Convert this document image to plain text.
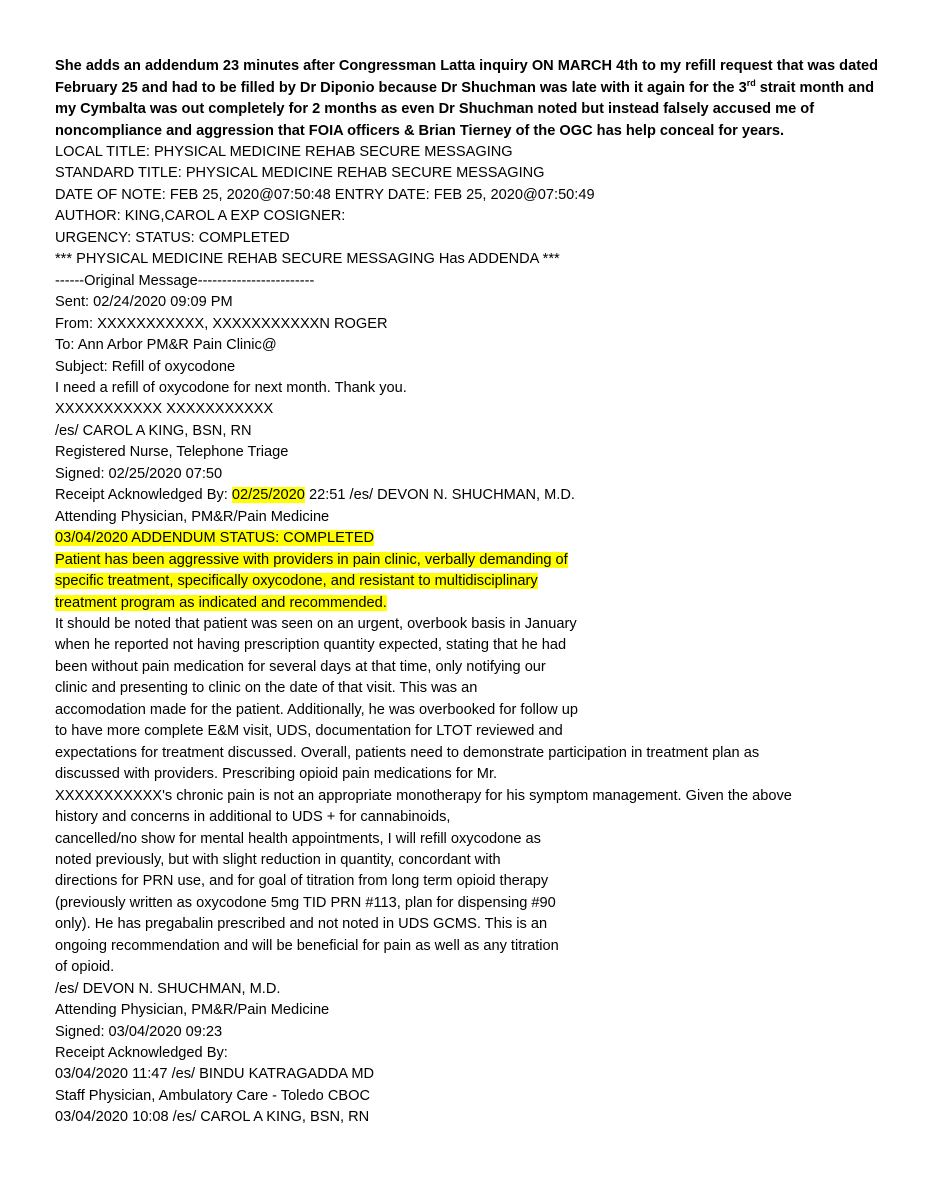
She adds an addendum 23 minutes after Congressman Latta inquiry ON MARCH 4th to my refill request that was dated February 25 and had to be filled by Dr Diponio because Dr Shuchman was late with it again for the 3rd strait month and my Cymbalta was out completely for 2 months as even Dr Shuchman noted but instead falsely accused me of noncompliance and aggression that FOIA officers & Brian Tierney of the OGC has help conceal for years.

LOCAL TITLE: PHYSICAL MEDICINE REHAB SECURE MESSAGING
STANDARD TITLE: PHYSICAL MEDICINE REHAB SECURE MESSAGING
DATE OF NOTE: FEB 25, 2020@07:50:48 ENTRY DATE: FEB 25, 2020@07:50:49
AUTHOR: KING,CAROL A EXP COSIGNER:
URGENCY: STATUS: COMPLETED
*** PHYSICAL MEDICINE REHAB SECURE MESSAGING Has ADDENDA ***
------Original Message------------------------
Sent: 02/24/2020 09:09 PM
From: XXXXXXXXXXX, XXXXXXXXXXXN ROGER
To: Ann Arbor PM&R Pain Clinic@
Subject: Refill of oxycodone
I need a refill of oxycodone for next month. Thank you.
XXXXXXXXXXX XXXXXXXXXXX
/es/ CAROL A KING, BSN, RN
Registered Nurse, Telephone Triage
Signed: 02/25/2020 07:50
Receipt Acknowledged By: 02/25/2020 22:51 /es/ DEVON N. SHUCHMAN, M.D.
Attending Physician, PM&R/Pain Medicine
03/04/2020 ADDENDUM STATUS: COMPLETED
Patient has been aggressive with providers in pain clinic, verbally demanding of
specific treatment, specifically oxycodone, and resistant to multidisciplinary
treatment program as indicated and recommended.
It should be noted that patient was seen on an urgent, overbook basis in January
when he reported not having prescription quantity expected, stating that he had
been without pain medication for several days at that time, only notifying our
clinic and presenting to clinic on the date of that visit. This was an
accomodation made for the patient. Additionally, he was overbooked for follow up
to have more complete E&M visit, UDS, documentation for LTOT reviewed and
expectations for treatment discussed. Overall, patients need to demonstrate participation in treatment plan as
discussed with providers. Prescribing opioid pain medications for Mr.
XXXXXXXXXXX's chronic pain is not an appropriate monotherapy for his symptom management. Given the above
history and concerns in additional to UDS + for cannabinoids,
cancelled/no show for mental health appointments, I will refill oxycodone as
noted previously, but with slight reduction in quantity, concordant with
directions for PRN use, and for goal of titration from long term opioid therapy
(previously written as oxycodone 5mg TID PRN #113, plan for dispensing #90
only). He has pregabalin prescribed and not noted in UDS GCMS. This is an
ongoing recommendation and will be beneficial for pain as well as any titration
of opioid.
/es/ DEVON N. SHUCHMAN, M.D.
Attending Physician, PM&R/Pain Medicine
Signed: 03/04/2020 09:23
Receipt Acknowledged By:
03/04/2020 11:47 /es/ BINDU KATRAGADDA MD
Staff Physician, Ambulatory Care - Toledo CBOC
03/04/2020 10:08 /es/ CAROL A KING, BSN, RN
